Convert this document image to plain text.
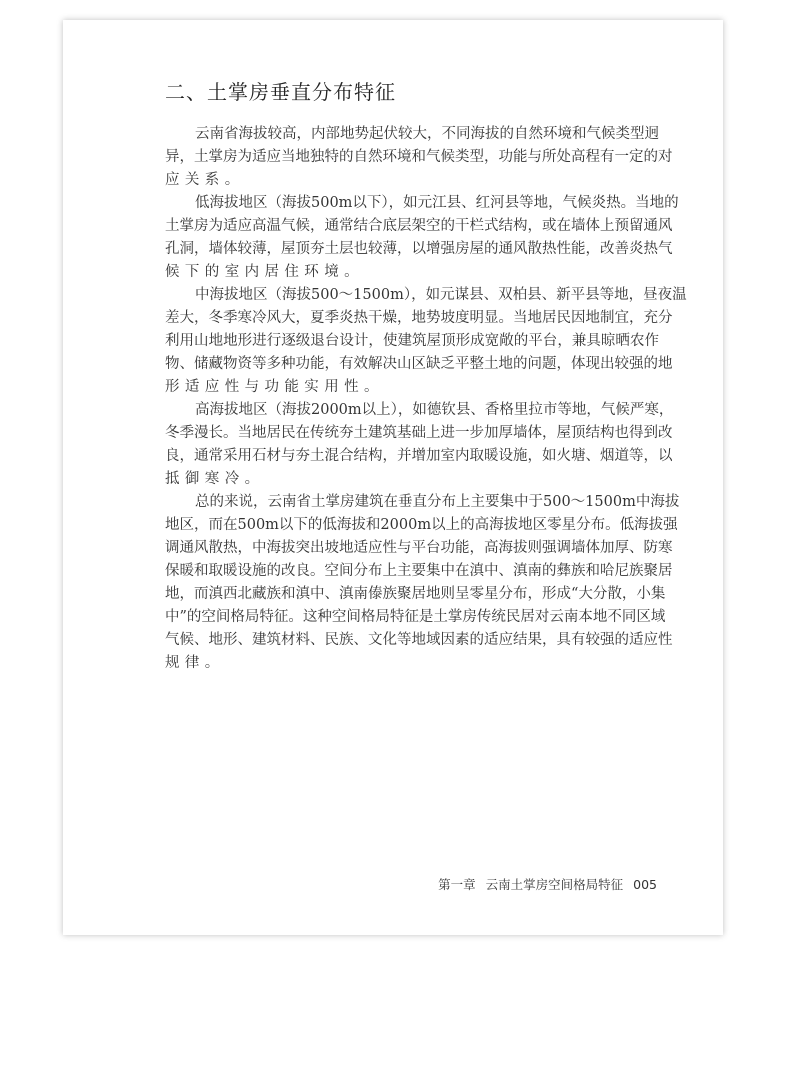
二、土掌房垂直分布特征
云南省海拔较高，内部地势起伏较大，不同海拔的自然环境和气候类型迥
异，土掌房为适应当地独特的自然环境和气候类型，功能与所处高程有一定的对
应关系。
低海拔地区（海拔500m以下），如元江县、红河县等地，气候炎热。当地的
土掌房为适应高温气候，通常结合底层架空的干栏式结构，或在墙体上预留通风
孔洞，墙体较薄，屋顶夯土层也较薄，以增强房屋的通风散热性能，改善炎热气
候下的室内居住环境。
中海拔地区（海拔500～1500m），如元谋县、双柏县、新平县等地，昼夜温
差大，冬季寒冷风大，夏季炎热干燥，地势坡度明显。当地居民因地制宜，充分
利用山地地形进行逐级退台设计，使建筑屋顶形成宽敞的平台，兼具晾晒农作
物、储藏物资等多种功能，有效解决山区缺乏平整土地的问题，体现出较强的地
形适应性与功能实用性。
高海拔地区（海拔2000m以上），如德钦县、香格里拉市等地，气候严寒，
冬季漫长。当地居民在传统夯土建筑基础上进一步加厚墙体，屋顶结构也得到改
良，通常采用石材与夯土混合结构，并增加室内取暖设施，如火塘、烟道等，以
抵御寒冷。
总的来说，云南省土掌房建筑在垂直分布上主要集中于500～1500m中海拔
地区，而在500m以下的低海拔和2000m以上的高海拔地区零星分布。低海拔强
调通风散热，中海拔突出坡地适应性与平台功能，高海拔则强调墙体加厚、防寒
保暖和取暖设施的改良。空间分布上主要集中在滇中、滇南的彝族和哈尼族聚居
地，而滇西北藏族和滇中、滇南傣族聚居地则呈零星分布，形成“大分散，小集
中”的空间格局特征。这种空间格局特征是土掌房传统民居对云南本地不同区域
气候、地形、建筑材料、民族、文化等地域因素的适应结果，具有较强的适应性
规律。
第一章 云南土掌房空间格局特征 005
